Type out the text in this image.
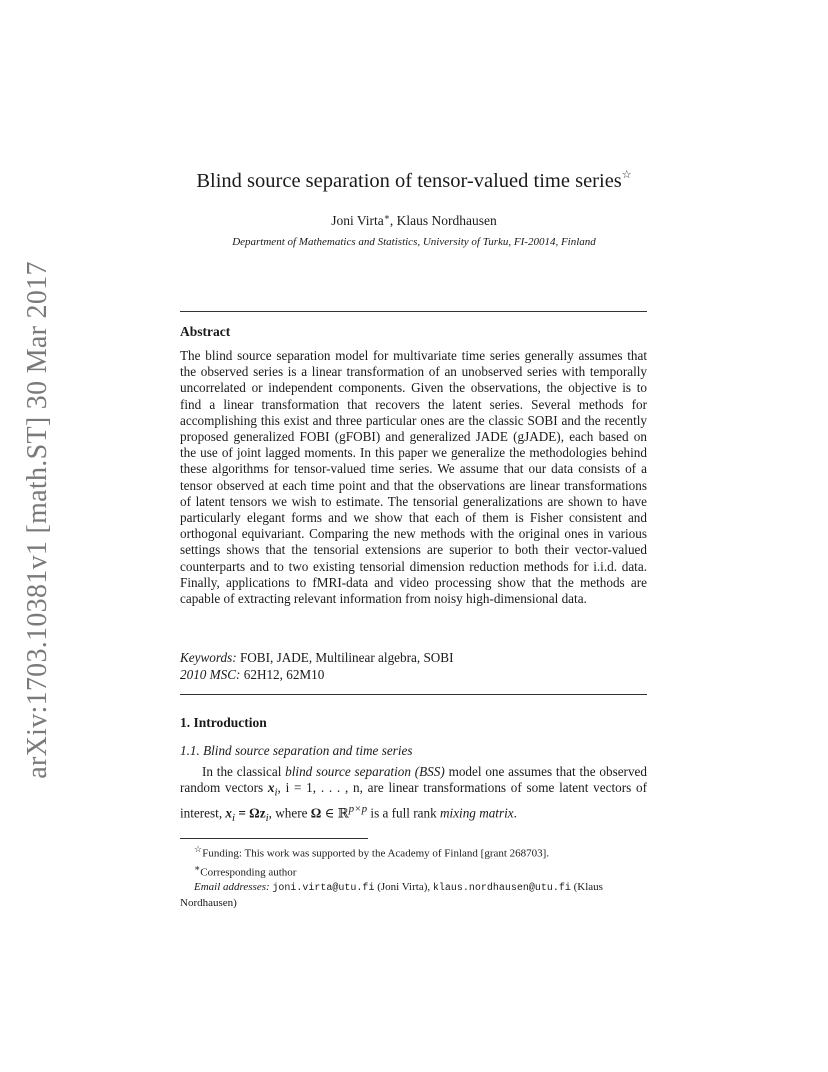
arXiv:1703.10381v1 [math.ST] 30 Mar 2017
Blind source separation of tensor-valued time series☆
Joni Virta∗, Klaus Nordhausen
Department of Mathematics and Statistics, University of Turku, FI-20014, Finland
Abstract
The blind source separation model for multivariate time series generally assumes that the observed series is a linear transformation of an unobserved series with temporally uncorrelated or independent components. Given the observations, the objective is to find a linear transformation that recovers the latent series. Several methods for accomplishing this exist and three particular ones are the classic SOBI and the recently proposed generalized FOBI (gFOBI) and generalized JADE (gJADE), each based on the use of joint lagged moments. In this paper we generalize the methodologies behind these algorithms for tensor-valued time series. We assume that our data consists of a tensor observed at each time point and that the observations are linear transformations of latent tensors we wish to estimate. The tensorial generalizations are shown to have particularly elegant forms and we show that each of them is Fisher consistent and orthogonal equivariant. Comparing the new methods with the original ones in various settings shows that the tensorial extensions are superior to both their vector-valued counterparts and to two existing tensorial dimension reduction methods for i.i.d. data. Finally, applications to fMRI-data and video processing show that the methods are capable of extracting relevant information from noisy high-dimensional data.
Keywords: FOBI, JADE, Multilinear algebra, SOBI
2010 MSC: 62H12, 62M10
1. Introduction
1.1. Blind source separation and time series
In the classical blind source separation (BSS) model one assumes that the observed random vectors $x_i$, i = 1, . . . , n, are linear transformations of some latent vectors of interest, $x_i = \Omega z_i$, where Ω ∈ ℝ$^{p\times p}$ is a full rank mixing matrix.
☆Funding: This work was supported by the Academy of Finland [grant 268703].
∗Corresponding author
Email addresses: joni.virta@utu.fi (Joni Virta), klaus.nordhausen@utu.fi (Klaus Nordhausen)
